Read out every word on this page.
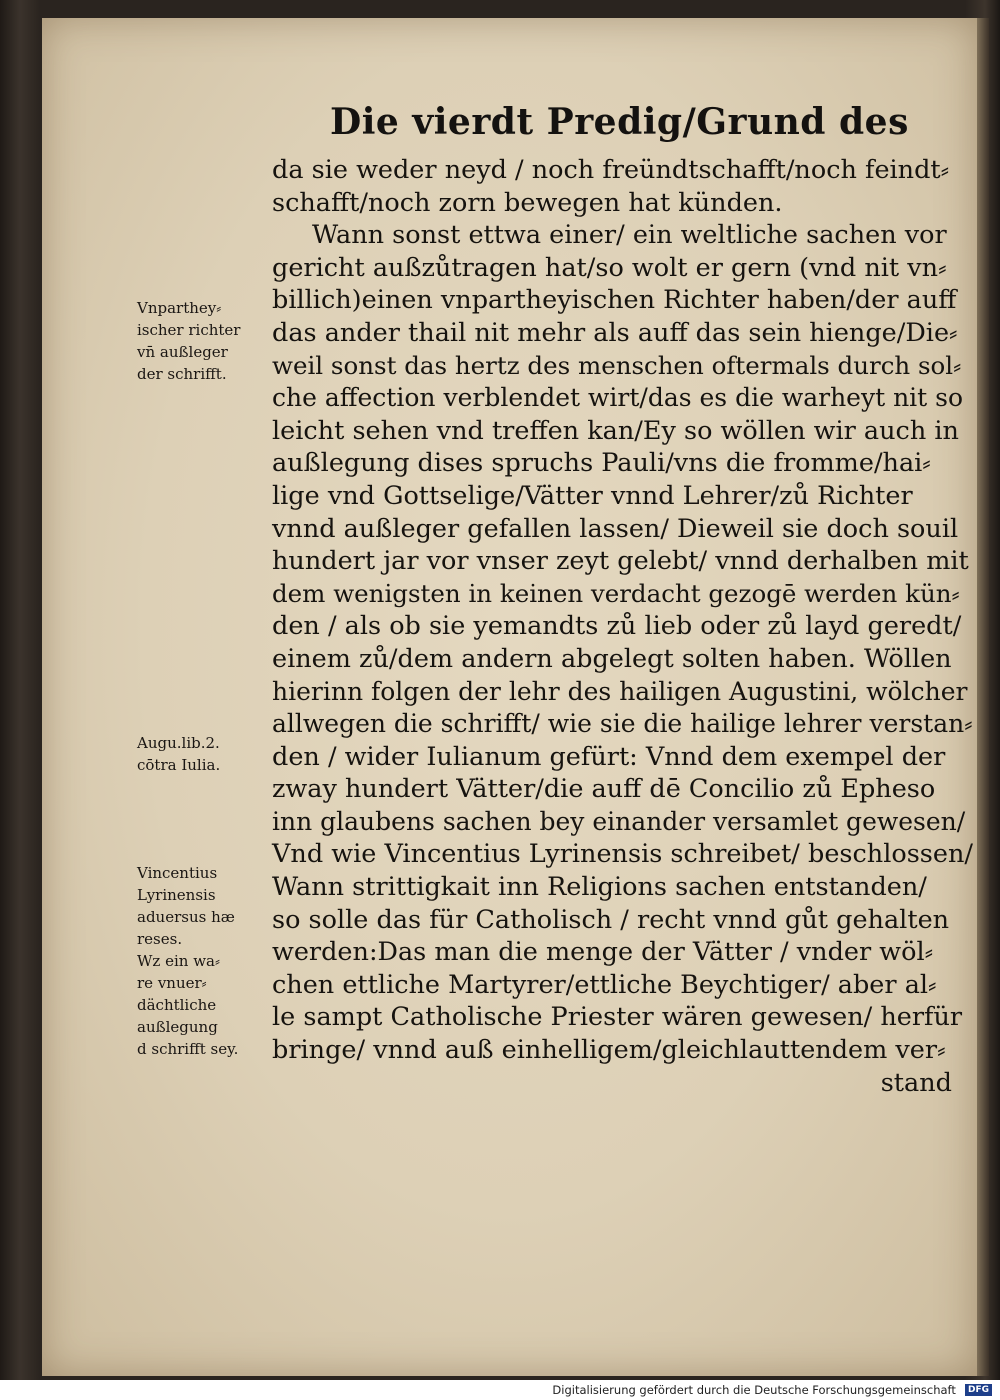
Die vierdt Predig/Grund des
da sie weder neyd / noch freündtschafft/noch feindt⸗
schafft/noch zorn bewegen hat künden.
Wann sonst ettwa einer/ ein weltliche sachen vor
gericht außzůtragen hat/so wolt er gern (vnd nit vn⸗
billich)einen vnpartheyischen Richter haben/der auff
das ander thail nit mehr als auff das sein hienge/Die⸗
weil sonst das hertz des menschen oftermals durch sol⸗
che affection verblendet wirt/das es die warheyt nit so
leicht sehen vnd treffen kan/Ey so wöllen wir auch in
außlegung dises spruchs Pauli/vns die fromme/hai⸗
lige vnd Gottselige/Vätter vnnd Lehrer/zů Richter
vnnd außleger gefallen lassen/ Dieweil sie doch souil
hundert jar vor vnser zeyt gelebt/ vnnd derhalben mit
dem wenigsten in keinen verdacht gezogē werden kün⸗
den / als ob sie yemandts zů lieb oder zů layd geredt/
einem zů/dem andern abgelegt solten haben. Wöllen
hierinn folgen der lehr des hailigen Augustini, wölcher
allwegen die schrifft/ wie sie die hailige lehrer verstan⸗
den / wider Iulianum gefürt: Vnnd dem exempel der
zway hundert Vätter/die auff dē Concilio zů Epheso
inn glaubens sachen bey einander versamlet gewesen/
Vnd wie Vincentius Lyrinensis schreibet/ beschlossen/
Wann strittigkait inn Religions sachen entstanden/
so solle das für Catholisch / recht vnnd gůt gehalten
werden:Das man die menge der Vätter / vnder wöl⸗
chen ettliche Martyrer/ettliche Beychtiger/ aber al⸗
le sampt Catholische Priester wären gewesen/ herfür
bringe/ vnnd auß einhelligem/gleichlauttendem ver⸗
stand
Vnparthey⸗
ischer richter
vn̄ außleger
der schrifft.
Augu.lib.2.
cōtra Iulia.
Vincentius
Lyrinensis
aduersus hæ
reses.
Wz ein wa⸗
re vnuer⸗
dächtliche
außlegung
d schrifft sey.
Digitalisierung gefördert durch die Deutsche Forschungsgemeinschaft DFG
